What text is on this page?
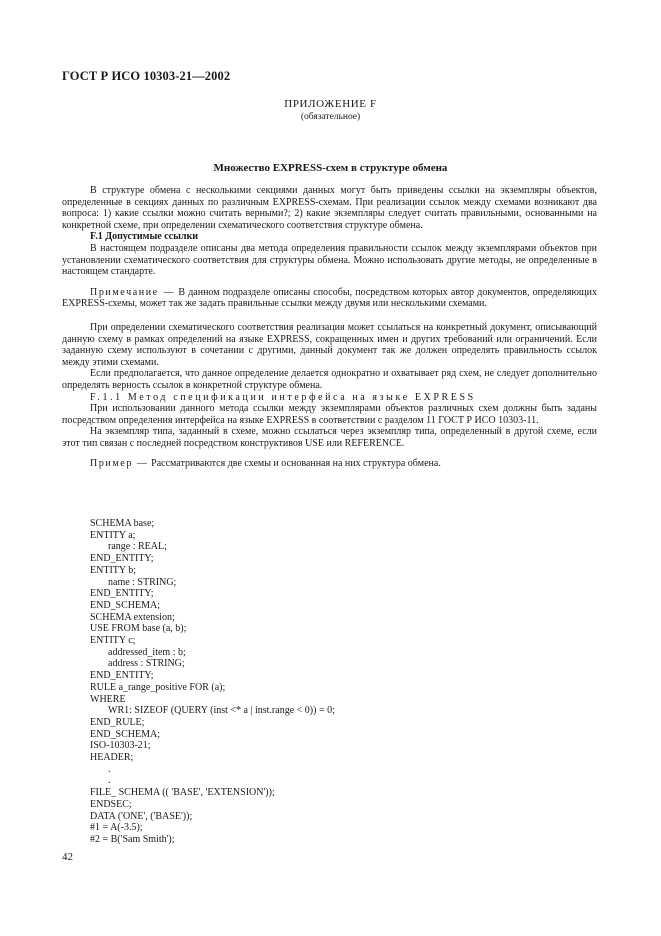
ГОСТ Р ИСО 10303-21—2002
ПРИЛОЖЕНИЕ F
(обязательное)
Множество EXPRESS-схем в структуре обмена

В структуре обмена с несколькими секциями данных могут быть приведены ссылки на экземпляры объектов, определенные в секциях данных по различным EXPRESS-схемам. При реализации ссылок между схемами возникают два вопроса: 1) какие ссылки можно считать верными?; 2) какие экземпляры следует считать правильными, основанными на конкретной схеме, при определении схематического соответствия структуре обмена.

F.1 Допустимые ссылки

В настоящем подразделе описаны два метода определения правильности ссылок между экземплярами объектов при установлении схематического соответствия для структуры обмена. Можно использовать другие методы, не определенные в настоящем стандарте.

Примечание — В данном подразделе описаны способы, посредством которых автор документов, определяющих EXPRESS-схемы, может так же задать правильные ссылки между двумя или несколькими схемами.

При определении схематического соответствия реализация может ссылаться на конкретный документ, описывающий данную схему в рамках определений на языке EXPRESS, сокращенных имен и других требований или ограничений. Если заданную схему используют в сочетании с другими, данный документ так же должен определять правильность ссылок между этими схемами.

Если предполагается, что данное определение делается однократно и охватывает ряд схем, не следует дополнительно определять верность ссылок в конкретной структуре обмена.

F.1.1 Метод спецификации интерфейса на языке EXPRESS

При использовании данного метода ссылки между экземплярами объектов различных схем должны быть заданы посредством определения интерфейса на языке EXPRESS в соответствии с разделом 11 ГОСТ Р ИСО 10303-11.

На экземпляр типа, заданный в схеме, можно ссылаться через экземпляр типа, определенный в другой схеме, если этот тип связан с последней посредством конструктивов USE или REFERENCE.

Пример — Рассматриваются две схемы и основанная на них структура обмена.

SCHEMA base;
ENTITY a;
range : REAL;
END_ENTITY;
ENTITY b;
name : STRING;
END_ENTITY;
END_SCHEMA;
SCHEMA extension;
USE FROM base (a, b);
ENTITY c;
addressed_item : b;
address : STRING;
END_ENTITY;
RULE a_range_positive FOR (a);
WHERE
WR1: SIZEOF (QUERY (inst <* a | inst.range < 0)) = 0;
END_RULE;
END_SCHEMA;
ISO-10303-21;
HEADER;
.
.
FILE_ SCHEMA (( 'BASE', 'EXTENSION'));
ENDSEC;
DATA ('ONE', ('BASE'));
#1 = A(-3.5);
#2 = B('Sam Smith');
42
